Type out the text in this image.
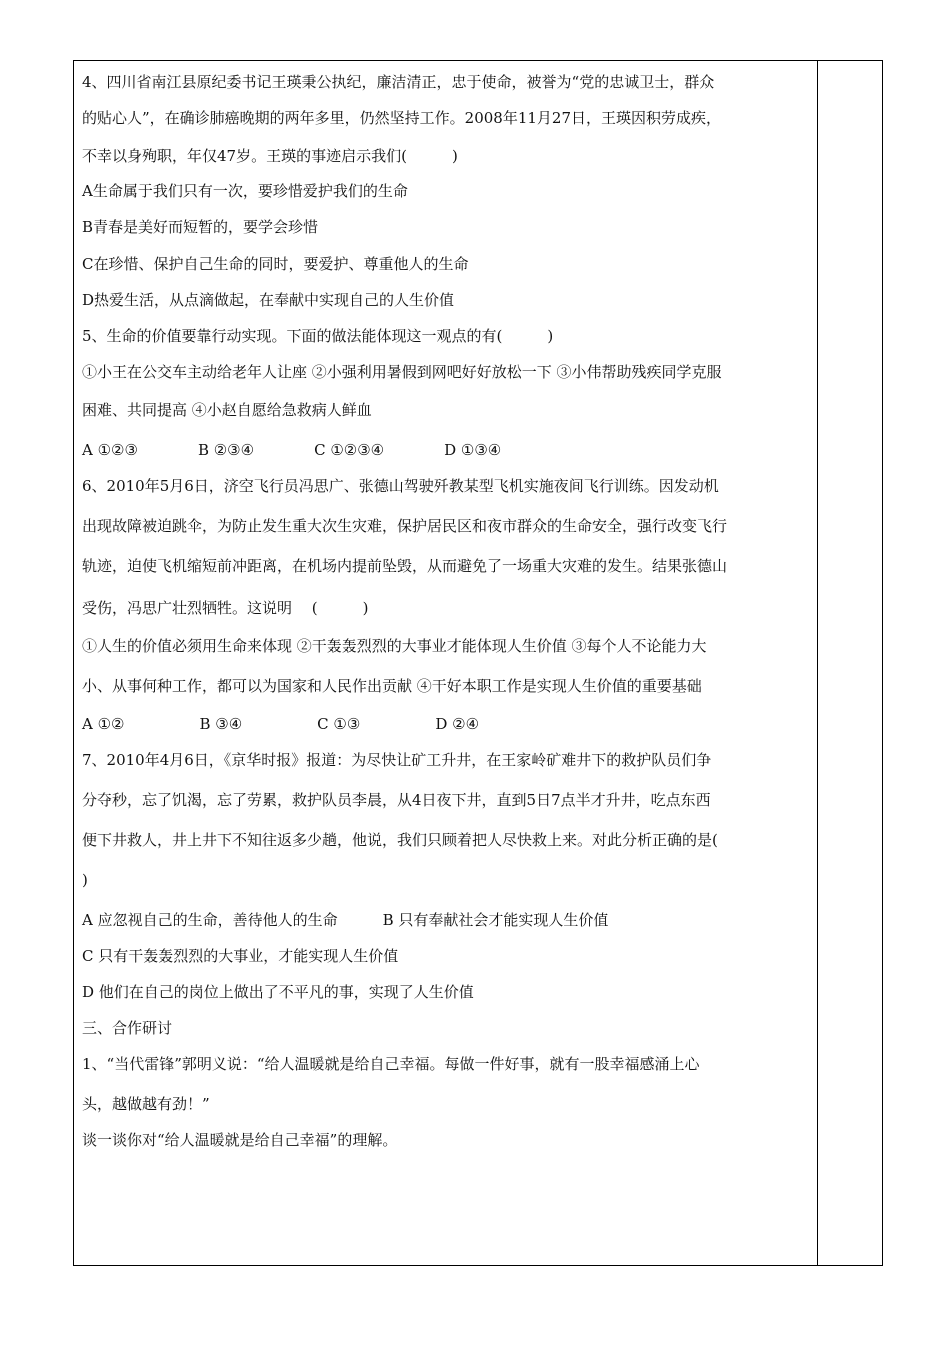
4、四川省南江县原纪委书记王瑛秉公执纪，廉洁清正，忠于使命，被誉为“党的忠诚卫士，群众
的贴心人”，在确诊肺癌晚期的两年多里，仍然坚持工作。2008年11月27日，王瑛因积劳成疾，
不幸以身殉职，年仅47岁。王瑛的事迹启示我们(　　　)
A生命属于我们只有一次，要珍惜爱护我们的生命
B青春是美好而短暂的，要学会珍惜
C在珍惜、保护自己生命的同时，要爱护、尊重他人的生命
D热爱生活，从点滴做起，在奉献中实现自己的人生价值
5、生命的价值要靠行动实现。下面的做法能体现这一观点的有(　　　)
①小王在公交车主动给老年人让座 ②小强利用暑假到网吧好好放松一下 ③小伟帮助残疾同学克服
困难、共同提高 ④小赵自愿给急救病人鲜血
A ①②③　　　　B ②③④　　　　C ①②③④　　　　D ①③④
6、2010年5月6日，济空飞行员冯思广、张德山驾驶歼教某型飞机实施夜间飞行训练。因发动机
出现故障被迫跳伞，为防止发生重大次生灾难，保护居民区和夜市群众的生命安全，强行改变飞行
轨迹，迫使飞机缩短前冲距离，在机场内提前坠毁，从而避免了一场重大灾难的发生。结果张德山
受伤，冯思广壮烈牺牲。这说明　 (　　　)
①人生的价值必须用生命来体现 ②干轰轰烈烈的大事业才能体现人生价值 ③每个人不论能力大
小、从事何种工作，都可以为国家和人民作出贡献 ④干好本职工作是实现人生价值的重要基础
A ①②　　　　　B ③④　　　　　C ①③　　　　　D ②④
7、2010年4月6日，《京华时报》报道：为尽快让矿工升井，在王家岭矿难井下的救护队员们争
分夺秒，忘了饥渴，忘了劳累，救护队员李晨，从4日夜下井，直到5日7点半才升井，吃点东西
便下井救人，井上井下不知往返多少趟，他说，我们只顾着把人尽快救上来。对此分析正确的是(
)
A 应忽视自己的生命，善待他人的生命　　　B 只有奉献社会才能实现人生价值
C 只有干轰轰烈烈的大事业，才能实现人生价值
D 他们在自己的岗位上做出了不平凡的事，实现了人生价值
三、合作研讨
1、“当代雷锋”郭明义说：“给人温暖就是给自己幸福。每做一件好事，就有一股幸福感涌上心
头，越做越有劲！”
谈一谈你对“给人温暖就是给自己幸福”的理解。
